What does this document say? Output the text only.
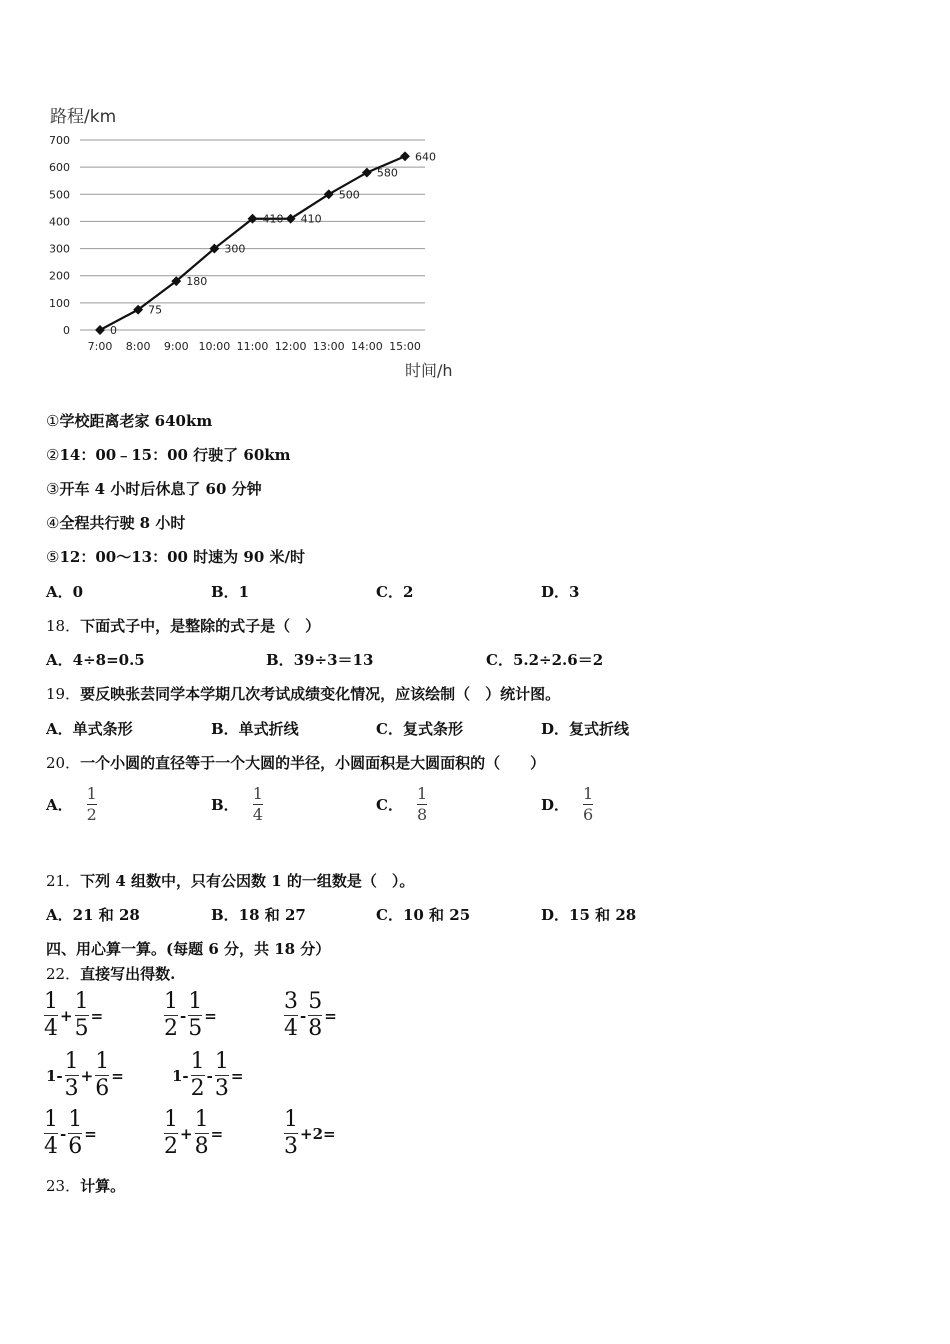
路程/km
0
100
200
300
400
500
600
700
7:00 8:00 9:00 10:00 11:00 12:00 13:00 14:00 15:00
0
75
180
300
410 410
500
580
640
时间/h
①学校距离老家 640km
②14：00﹣15：00 行驶了 60km
③开车 4 小时后休息了 60 分钟
④全程共行驶 8 小时
⑤12：00～13：00 时速为 90 米/时
A．0	B．1	C．2	D．3
18．下面式子中，是整除的式子是（　）
A．4÷8=0.5	B．39÷3＝13	C．5.2÷2.6＝2
19．要反映张芸同学本学期几次考试成绩变化情况，应该绘制（　）统计图。
A．单式条形	B．单式折线	C．复式条形	D．复式折线
20．一个小圆的直径等于一个大圆的半径，小圆面积是大圆面积的（　　）
A． $\frac{1}{2}$	B． $\frac{1}{4}$	C． $\frac{1}{8}$	D． $\frac{1}{6}$
21．下列 4 组数中，只有公因数 1 的一组数是（　）。
A．21 和 28	B．18 和 27	C．10 和 25	D．15 和 28
四、用心算一算。(每题 6 分，共 18 分）
22．直接写出得数.
$\frac{1}{4} + \frac{1}{5}$ =	$\frac{1}{2} - \frac{1}{5}$ =	$\frac{3}{4} - \frac{5}{8}$ =
$1- \frac{1}{3} + \frac{1}{6}$ =	$1- \frac{1}{2} - \frac{1}{3}$ =
$\frac{1}{4} - \frac{1}{6}$ =	$\frac{1}{2} + \frac{1}{8}$ =	$\frac{1}{3} +2=$
23．计算。
